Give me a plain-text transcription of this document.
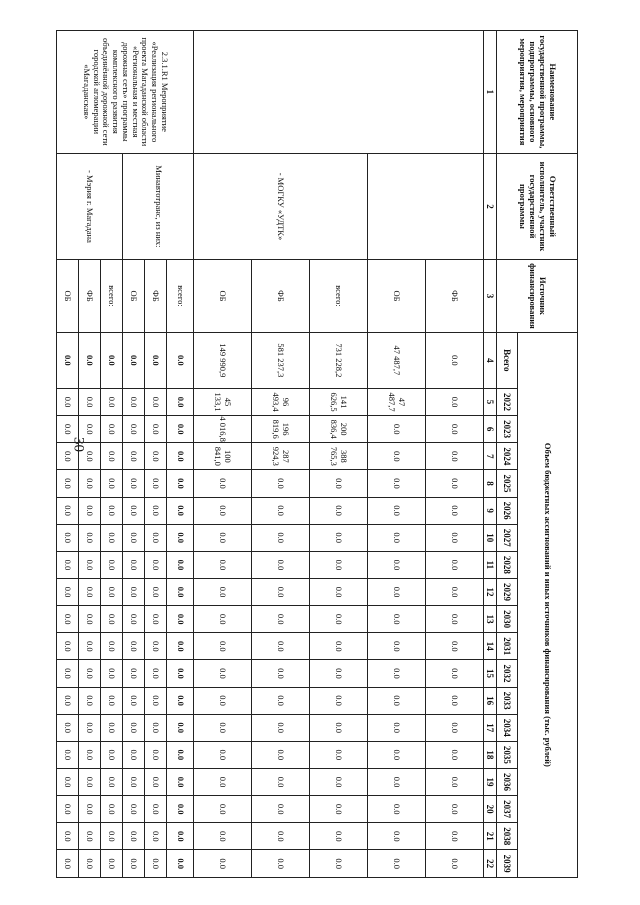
30
Наименование государственной программы, подпрограммы, основного мероприятия, мероприятия	Ответственный исполнитель, участник государственной программы	Источник финансирования	Объем бюджетных ассигнований и иных источников финансирования (тыс. рублей)																		
			Всего	2022	2023	2024	2025	2026	2027	2028	2029	2030	2031	2032	2033	2034	2035	2036	2037	2038	2039
1	2	3	4	5	6	7	8	9	10	11	12	13	14	15	16	17	18	19	20	21	22
		ФБ	0.0	0.0	0.0	0.0	0.0	0.0	0.0	0.0	0.0	0.0	0.0	0.0	0.0	0.0	0.0	0.0	0.0	0.0	0.0
		ОБ	47 487,7	47 487,7	0.0	0.0	0.0	0.0	0.0	0.0	0.0	0.0	0.0	0.0	0.0	0.0	0.0	0.0	0.0	0.0	0.0
	- МОГКУ «УДТК»	всего:	731 228,2	141 626,5	200 836,4	388 765,3	0.0	0.0	0.0	0.0	0.0	0.0	0.0	0.0	0.0	0.0	0.0	0.0	0.0	0.0	0.0
		ФБ	581 237,3	96 493,4	196 819,6	287 924,3	0.0	0.0	0.0	0.0	0.0	0.0	0.0	0.0	0.0	0.0	0.0	0.0	0.0	0.0	0.0
		ОБ	149 990,9	45 133,1	4 016,8	100 841,0	0.0	0.0	0.0	0.0	0.0	0.0	0.0	0.0	0.0	0.0	0.0	0.0	0.0	0.0	0.0
2.3.1.R1 Мероприятие «Реализация регионального проекта Магаданской области «Региональная и местная дорожная сеть» программы комплексного развития объединённой дорожной сети городской агломерации «Магаданская»	Минавтотранс, из них:	всего:	0.0	0.0	0.0	0.0	0.0	0.0	0.0	0.0	0.0	0.0	0.0	0.0	0.0	0.0	0.0	0.0	0.0	0.0	0.0
		ФБ	0.0	0.0	0.0	0.0	0.0	0.0	0.0	0.0	0.0	0.0	0.0	0.0	0.0	0.0	0.0	0.0	0.0	0.0	0.0
		ОБ	0.0	0.0	0.0	0.0	0.0	0.0	0.0	0.0	0.0	0.0	0.0	0.0	0.0	0.0	0.0	0.0	0.0	0.0	0.0
	- Мэрия г. Магадана	всего:	0.0	0.0	0.0	0.0	0.0	0.0	0.0	0.0	0.0	0.0	0.0	0.0	0.0	0.0	0.0	0.0	0.0	0.0	0.0
		ФБ	0.0	0.0	0.0	0.0	0.0	0.0	0.0	0.0	0.0	0.0	0.0	0.0	0.0	0.0	0.0	0.0	0.0	0.0	0.0
		ОБ	0.0	0.0	0.0	0.0	0.0	0.0	0.0	0.0	0.0	0.0	0.0	0.0	0.0	0.0	0.0	0.0	0.0	0.0	0.0
